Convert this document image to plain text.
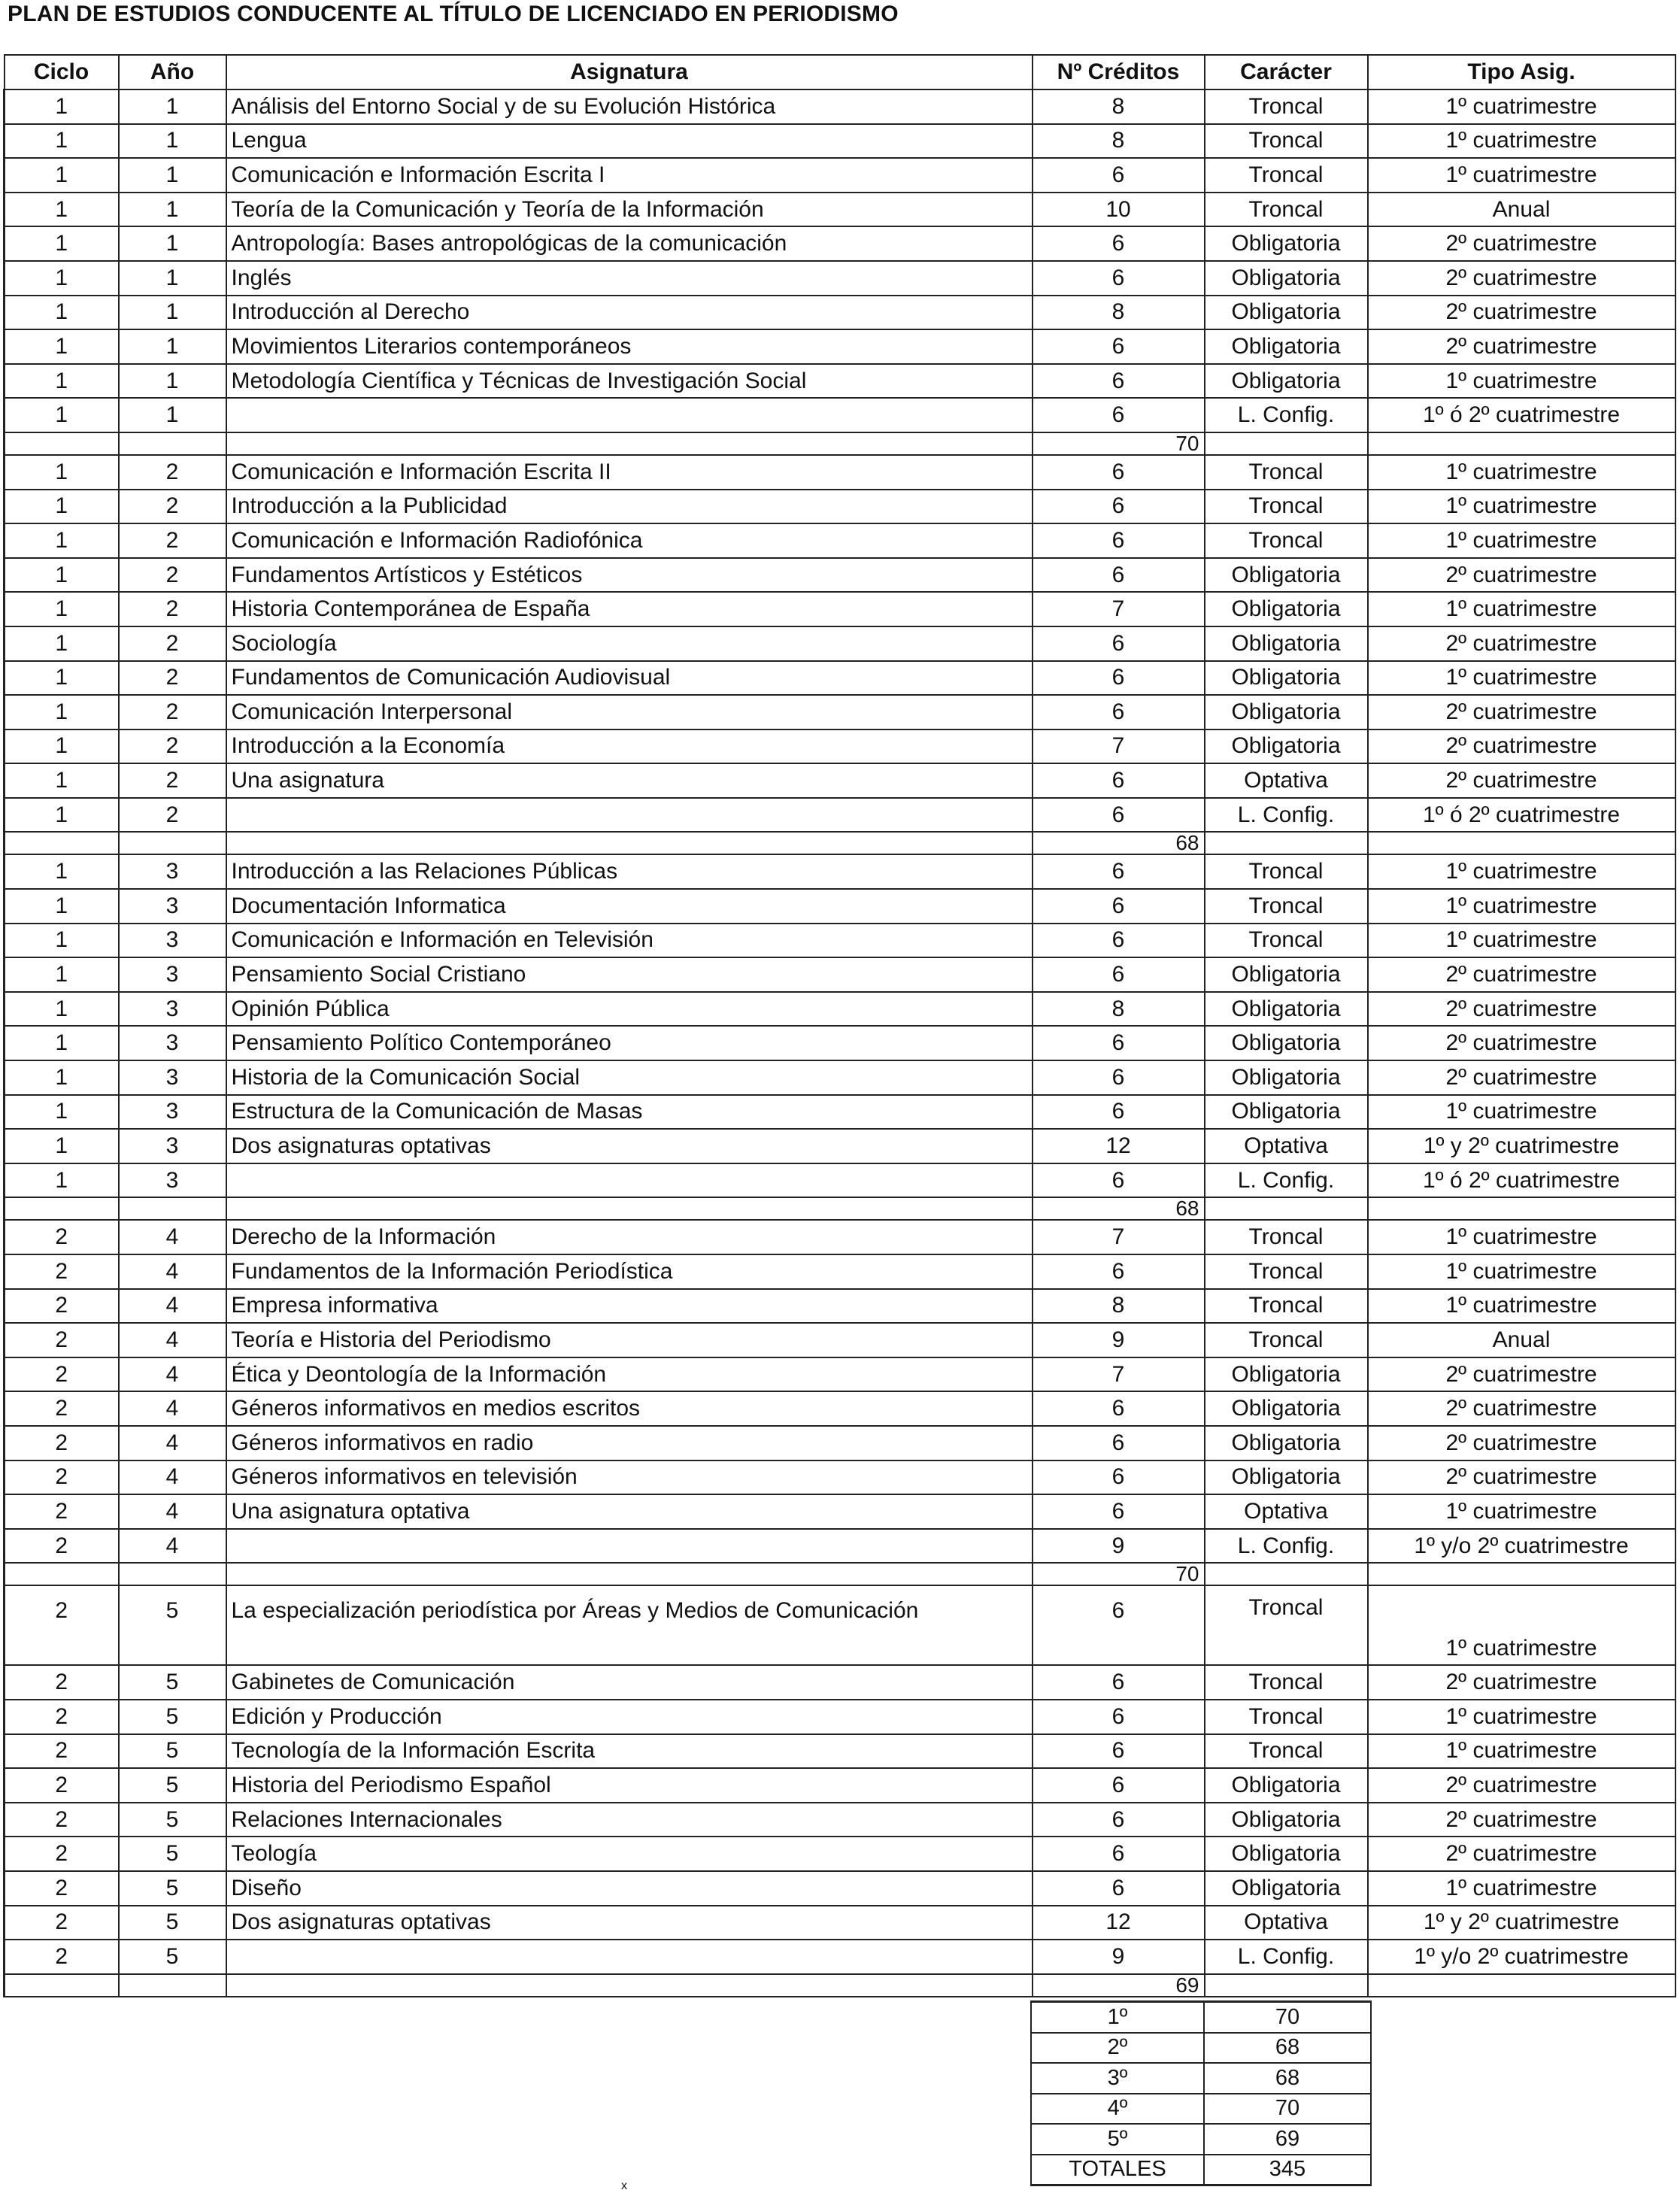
PLAN DE ESTUDIOS CONDUCENTE AL TÍTULO DE LICENCIADO EN PERIODISMO
Ciclo	Año	Asignatura	Nº Créditos	Carácter	Tipo Asig.
1	1	Análisis del Entorno Social y de su Evolución Histórica	8	Troncal	1º cuatrimestre
1	1	Lengua	8	Troncal	1º cuatrimestre
1	1	Comunicación e Información Escrita I	6	Troncal	1º cuatrimestre
1	1	Teoría de la Comunicación y Teoría de la Información	10	Troncal	Anual
1	1	Antropología: Bases antropológicas de la comunicación	6	Obligatoria	2º cuatrimestre
1	1	Inglés	6	Obligatoria	2º cuatrimestre
1	1	Introducción al Derecho	8	Obligatoria	2º cuatrimestre
1	1	Movimientos Literarios contemporáneos	6	Obligatoria	2º cuatrimestre
1	1	Metodología Científica y Técnicas de Investigación Social	6	Obligatoria	1º cuatrimestre
1	1		6	L. Config.	1º ó 2º cuatrimestre
			70		
1	2	Comunicación e Información Escrita II	6	Troncal	1º cuatrimestre
1	2	Introducción a la Publicidad	6	Troncal	1º cuatrimestre
1	2	Comunicación e Información Radiofónica	6	Troncal	1º cuatrimestre
1	2	Fundamentos Artísticos y Estéticos	6	Obligatoria	2º cuatrimestre
1	2	Historia Contemporánea de España	7	Obligatoria	1º cuatrimestre
1	2	Sociología	6	Obligatoria	2º cuatrimestre
1	2	Fundamentos de Comunicación Audiovisual	6	Obligatoria	1º cuatrimestre
1	2	Comunicación Interpersonal	6	Obligatoria	2º cuatrimestre
1	2	Introducción a la Economía	7	Obligatoria	2º cuatrimestre
1	2	Una asignatura	6	Optativa	2º cuatrimestre
1	2		6	L. Config.	1º ó 2º cuatrimestre
			68		
1	3	Introducción a las Relaciones Públicas	6	Troncal	1º cuatrimestre
1	3	Documentación Informatica	6	Troncal	1º cuatrimestre
1	3	Comunicación e Información en Televisión	6	Troncal	1º cuatrimestre
1	3	Pensamiento Social Cristiano	6	Obligatoria	2º cuatrimestre
1	3	Opinión Pública	8	Obligatoria	2º cuatrimestre
1	3	Pensamiento Político Contemporáneo	6	Obligatoria	2º cuatrimestre
1	3	Historia de la Comunicación Social	6	Obligatoria	2º cuatrimestre
1	3	Estructura de la Comunicación de Masas	6	Obligatoria	1º cuatrimestre
1	3	Dos asignaturas optativas	12	Optativa	1º y 2º cuatrimestre
1	3		6	L. Config.	1º ó 2º cuatrimestre
			68		
2	4	Derecho de la Información	7	Troncal	1º cuatrimestre
2	4	Fundamentos de la Información Periodística	6	Troncal	1º cuatrimestre
2	4	Empresa informativa	8	Troncal	1º cuatrimestre
2	4	Teoría e Historia del Periodismo	9	Troncal	Anual
2	4	Ética y Deontología de la Información	7	Obligatoria	2º cuatrimestre
2	4	Géneros informativos en medios escritos	6	Obligatoria	2º cuatrimestre
2	4	Géneros informativos en radio	6	Obligatoria	2º cuatrimestre
2	4	Géneros informativos en televisión	6	Obligatoria	2º cuatrimestre
2	4	Una asignatura optativa	6	Optativa	1º cuatrimestre
2	4		9	L. Config.	1º y/o 2º cuatrimestre
			70		
2	5	La especialización periodística por Áreas y Medios de Comunicación	6	Troncal	1º cuatrimestre
2	5	Gabinetes de Comunicación	6	Troncal	2º cuatrimestre
2	5	Edición y Producción	6	Troncal	1º cuatrimestre
2	5	Tecnología de la Información Escrita	6	Troncal	1º cuatrimestre
2	5	Historia del Periodismo Español	6	Obligatoria	2º cuatrimestre
2	5	Relaciones Internacionales	6	Obligatoria	2º cuatrimestre
2	5	Teología	6	Obligatoria	2º cuatrimestre
2	5	Diseño	6	Obligatoria	1º cuatrimestre
2	5	Dos asignaturas optativas	12	Optativa	1º y 2º cuatrimestre
2	5		9	L. Config.	1º y/o 2º cuatrimestre
			69		
1º	70
2º	68
3º	68
4º	70
5º	69
TOTALES	345
x
